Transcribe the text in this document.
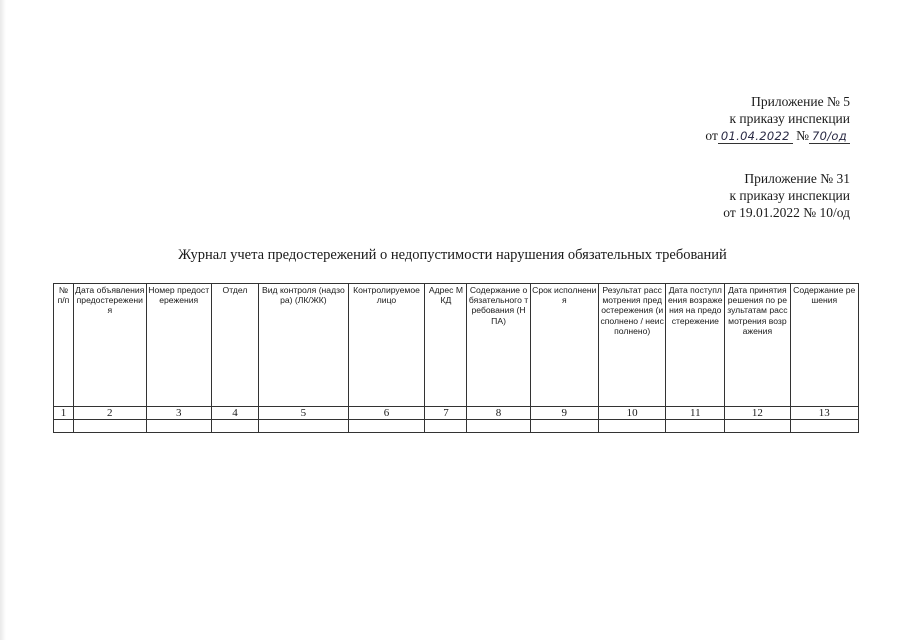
Приложение № 5
к приказу инспекции
от 01.04.2022 № 70/од
Приложение № 31
к приказу инспекции
от 19.01.2022 № 10/од
Журнал учета предостережений о недопустимости нарушения обязательных требований
№ п/п	Дата объявления предостережения	Номер предостережения	Отдел	Вид контроля (надзора) (ЛК/ЖК)	Контролируемое лицо	Адрес МКД	Содержание обязательного требования (НПА)	Срок исполнения	Результат рассмотрения предостережения (исполнено / неисполнено)	Дата поступления возражения на предостережение	Дата принятия решения по результатам рассмотрения возражения	Содержание решения
1	2	3	4	5	6	7	8	9	10	11	12	13
